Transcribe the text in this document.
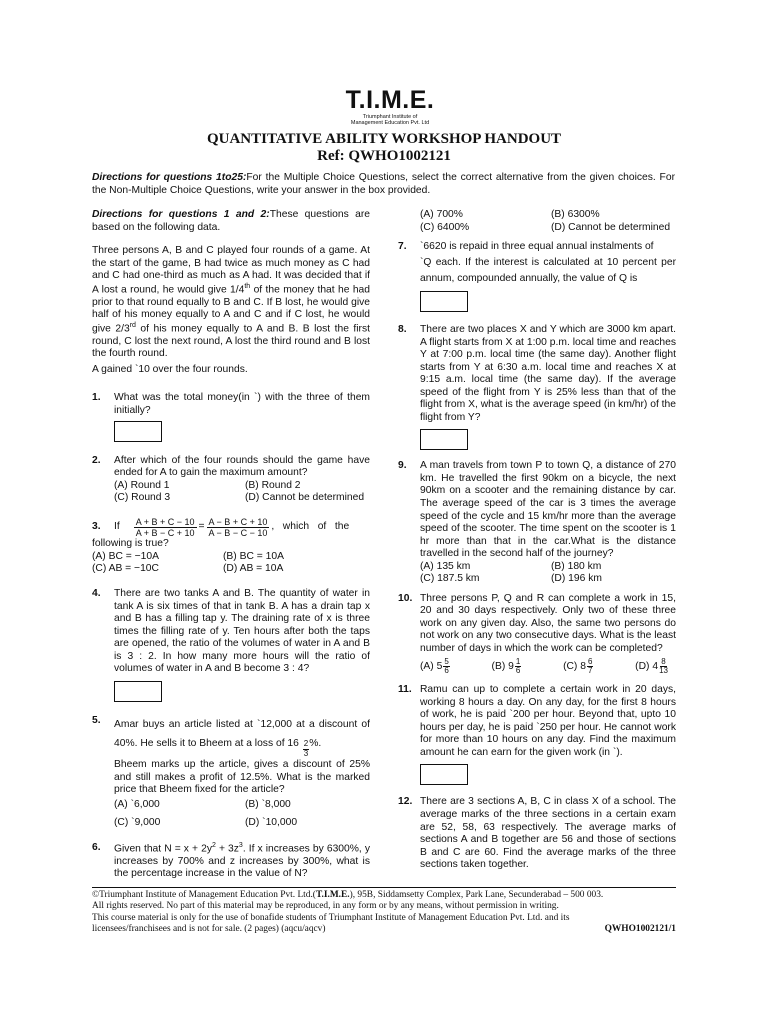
T.I.M.E.
Triumphant Institute of
Management Education Pvt. Ltd
QUANTITATIVE ABILITY WORKSHOP HANDOUT
Ref: QWHO1002121
Directions for questions 1to25:For the Multiple Choice Questions, select the correct alternative from the given choices. For the Non-Multiple Choice Questions, write your answer in the box provided.
Directions for questions 1 and 2:These questions are based on the following data.
Three persons A, B and C played four rounds of a game. At the start of the game, B had twice as much money as C had and C had one-third as much as A had. It was decided that if A lost a round, he would give 1/4th of the money that he had prior to that round equally to B and C. If B lost, he would give half of his money equally to A and C and if C lost, he would give 2/3rd of his money equally to A and B. B lost the first round, C lost the next round, A lost the third round and B lost the fourth round.
A gained `10 over the four rounds.
1. What was the total money(in `) with the three of them initially?
2. After which of the four rounds should the game have ended for A to gain the maximum amount?
(A) Round 1	(B) Round 2
(C) Round 3	(D) Cannot be determined
3. If $\frac{A + B + C - 10}{A + B - C + 10} = \frac{A - B + C + 10}{A - B - C - 10}$ ,   which   of   the
following is true?
(A) BC = −10A	(B) BC = 10A
(C) AB = −10C	(D) AB = 10A
4. There are two tanks A and B. The quantity of water in tank A is six times of that in tank B. A has a drain tap x and B has a filling tap y. The draining rate of x is three times the filling rate of y. Ten hours after both the taps are opened, the ratio of the volumes of water in A and B is 3 : 2. In how many more hours will the ratio of volumes of water in A and B become 3 : 4?
5. Amar buys an article listed at `12,000 at a discount of 40%. He sells it to Bheem at a loss of $16 \frac{2}{3}$ %.
Bheem marks up the article, gives a discount of 25% and still makes a profit of 12.5%. What is the marked price that Bheem fixed for the article?
(A) `6,000	(B) `8,000
(C) `9,000	(D) `10,000
6. Given that $N = x + 2y^2 + 3z^3$. If x increases by 6300%, y increases by 700% and z increases by 300%, what is the percentage increase in the value of N?
(A) 700%	(B) 6300%
(C) 6400%	(D) Cannot be determined
7. `6620 is repaid in three equal annual instalments of
`Q each. If the interest is calculated at 10 percent per annum, compounded annually, the value of Q is
8. There are two places X and Y which are 3000 km apart. A flight starts from X at 1:00 p.m. local time and reaches Y at 7:00 p.m. local time (the same day). Another flight starts from Y at 6:30 a.m. local time and reaches X at 9:15 a.m. local time (the same day). If the average speed of the flight from Y is 25% less than that of the flight from X, what is the average speed (in km/hr) of the flight from Y?
9. A man travels from town P to town Q, a distance of 270 km. He travelled the first 90km on a bicycle, the next 90km on a scooter and the remaining distance by car. The average speed of the car is 3 times the average speed of the cycle and 15 km/hr more than the average speed of the scooter. The time spent on the scooter is 1 hr more than that in the car.What is the distance travelled in the second half of the journey?
(A) 135 km	(B) 180 km
(C) 187.5 km	(D) 196 km
10. Three persons P, Q and R can complete a work in 15, 20 and 30 days respectively. Only two of these three work on any given day. Also, the same two persons do not work on any two consecutive days. What is the least number of days in which the work can be completed?
(A)
$5 \frac{5}{6}$	(B)
$9 \frac{1}{6}$	(C)
$8 \frac{6}{7}$	(D)
$4 \frac{8}{13}$
11. Ramu can up to complete a certain work in 20 days, working 8 hours a day. On any day, for the first 8 hours of work, he is paid `200 per hour. Beyond that, upto 10 hours per day, he is paid `250 per hour. He cannot work for more than 10 hours on any day. Find the maximum amount he can earn for the given work (in `).
12. There are 3 sections A, B, C in class X of a school. The average marks of the three sections in a certain exam are 52, 58, 63 respectively. The average marks of sections A and B together are 56 and those of sections B and C are 60. Find the average marks of the three sections taken together.
©Triumphant Institute of Management Education Pvt. Ltd.(T.I.M.E.), 95B, Siddamsetty Complex, Park Lane, Secunderabad – 500 003.
All rights reserved. No part of this material may be reproduced, in any form or by any means, without permission in writing.
This course material is only for the use of bonafide students of Triumphant Institute of Management Education Pvt. Ltd. and its
licensees/franchisees and is not for sale. (2 pages) (aqcu/aqcv)	QWHO1002121/1
